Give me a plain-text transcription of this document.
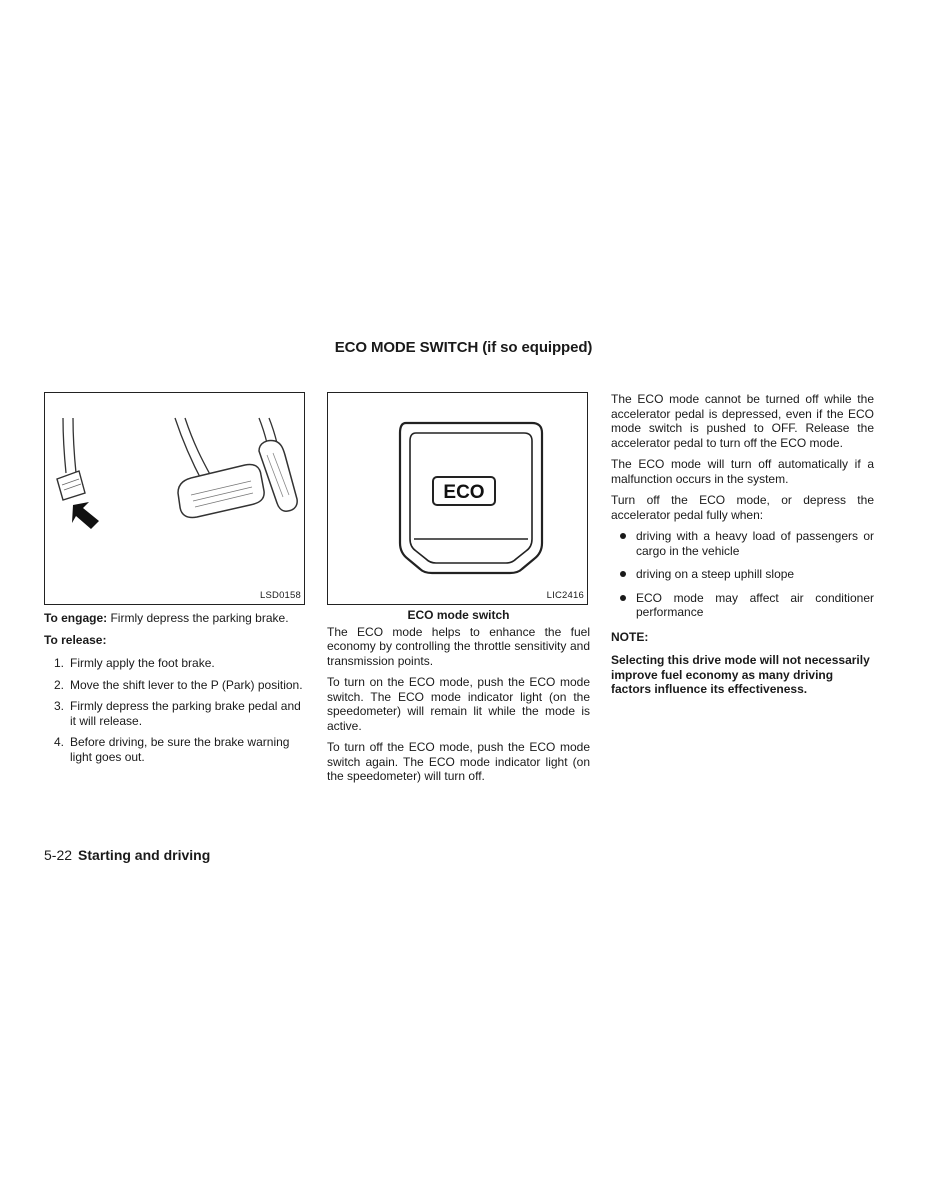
ECO MODE SWITCH (if so equipped)
LSD0158

To engage: Firmly depress the parking brake.

To release:

1. Firmly apply the foot brake.
2. Move the shift lever to the P (Park) position.
3. Firmly depress the parking brake pedal and it will release.
4. Before driving, be sure the brake warning light goes out.
ECO
LIC2416
ECO mode switch

The ECO mode helps to enhance the fuel economy by controlling the throttle sensitivity and transmission points.

To turn on the ECO mode, push the ECO mode switch. The ECO mode indicator light (on the speedometer) will remain lit while the mode is active.

To turn off the ECO mode, push the ECO mode switch again. The ECO mode indicator light (on the speedometer) will turn off.

The ECO mode cannot be turned off while the accelerator pedal is depressed, even if the ECO mode switch is pushed to OFF. Release the accelerator pedal to turn off the ECO mode.

The ECO mode will turn off automatically if a malfunction occurs in the system.

Turn off the ECO mode, or depress the accelerator pedal fully when:

driving with a heavy load of passengers or cargo in the vehicle
driving on a steep uphill slope
ECO mode may affect air conditioner performance
NOTE:
Selecting this drive mode will not necessarily improve fuel economy as many driving factors influence its effectiveness.
5-22 Starting and driving
